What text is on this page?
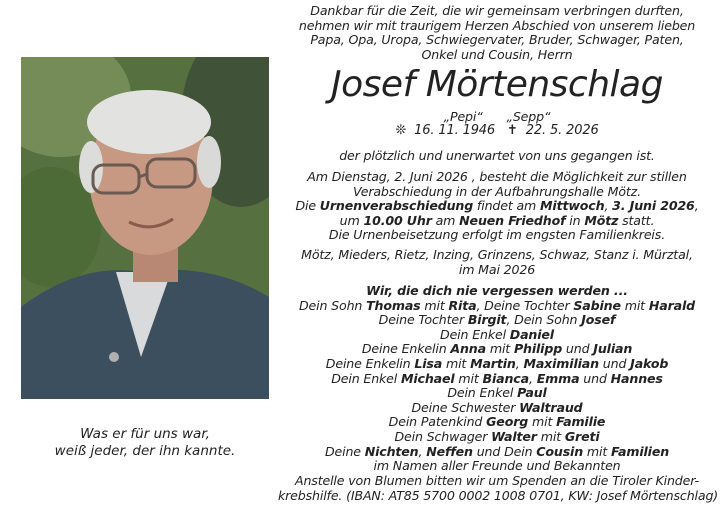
Was er für uns war,
weiß jeder, der ihn kannte.
Dankbar für die Zeit, die wir gemeinsam verbringen durften,
nehmen wir mit traurigem Herzen Abschied von unserem lieben
Papa, Opa, Uropa, Schwiegervater, Bruder, Schwager, Paten,
Onkel und Cousin, Herrn
Josef Mörtenschlag
„Pepi“ „Sepp“
❊ 16. 11. 1946 ✝ 22. 5. 2026
der plötzlich und unerwartet von uns gegangen ist.
Am Dienstag, 2. Juni 2026 , besteht die Möglichkeit zur stillen
Verabschiedung in der Aufbahrungshalle Mötz.
Die Urnenverabschiedung findet am Mittwoch, 3. Juni 2026,
um 10.00 Uhr am Neuen Friedhof in Mötz statt.
Die Urnenbeisetzung erfolgt im engsten Familienkreis.
Mötz, Mieders, Rietz, Inzing, Grinzens, Schwaz, Stanz i. Mürztal,
im Mai 2026
Wir, die dich nie vergessen werden ...
Dein Sohn Thomas mit Rita, Deine Tochter Sabine mit Harald
Deine Tochter Birgit, Dein Sohn Josef
Dein Enkel Daniel
Deine Enkelin Anna mit Philipp und Julian
Deine Enkelin Lisa mit Martin, Maximilian und Jakob
Dein Enkel Michael mit Bianca, Emma und Hannes
Dein Enkel Paul
Deine Schwester Waltraud
Dein Patenkind Georg mit Familie
Dein Schwager Walter mit Greti
Deine Nichten, Neffen und Dein Cousin mit Familien
im Namen aller Freunde und Bekannten
Anstelle von Blumen bitten wir um Spenden an die Tiroler Kinder-
krebshilfe. (IBAN: AT85 5700 0002 1008 0701, KW: Josef Mörtenschlag)
